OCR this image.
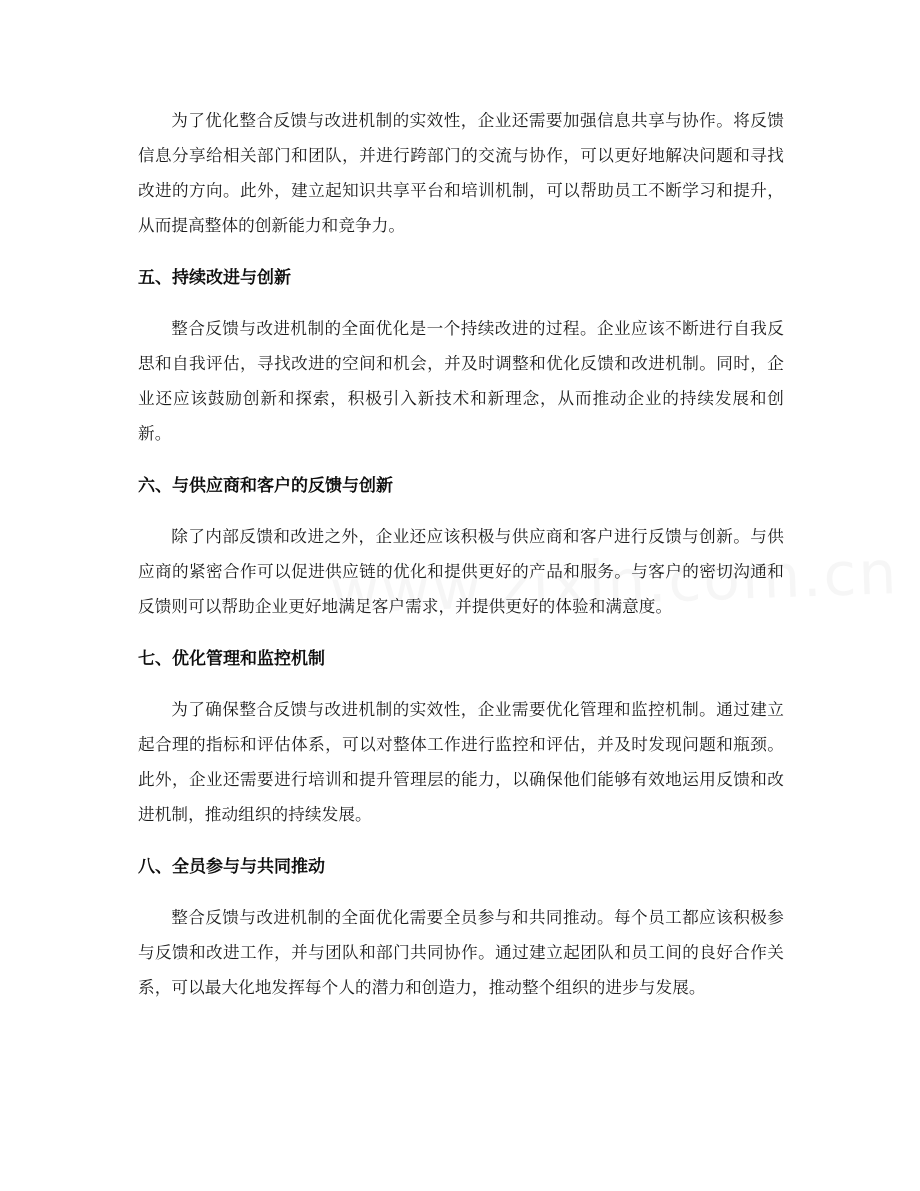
为了优化整合反馈与改进机制的实效性，企业还需要加强信息共享与协作。将反馈信息分享给相关部门和团队，并进行跨部门的交流与协作，可以更好地解决问题和寻找改进的方向。此外，建立起知识共享平台和培训机制，可以帮助员工不断学习和提升，从而提高整体的创新能力和竞争力。

五、持续改进与创新

整合反馈与改进机制的全面优化是一个持续改进的过程。企业应该不断进行自我反思和自我评估，寻找改进的空间和机会，并及时调整和优化反馈和改进机制。同时，企业还应该鼓励创新和探索，积极引入新技术和新理念，从而推动企业的持续发展和创新。

六、与供应商和客户的反馈与创新

除了内部反馈和改进之外，企业还应该积极与供应商和客户进行反馈与创新。与供应商的紧密合作可以促进供应链的优化和提供更好的产品和服务。与客户的密切沟通和反馈则可以帮助企业更好地满足客户需求，并提供更好的体验和满意度。

七、优化管理和监控机制

为了确保整合反馈与改进机制的实效性，企业需要优化管理和监控机制。通过建立起合理的指标和评估体系，可以对整体工作进行监控和评估，并及时发现问题和瓶颈。此外，企业还需要进行培训和提升管理层的能力，以确保他们能够有效地运用反馈和改进机制，推动组织的持续发展。

八、全员参与与共同推动

整合反馈与改进机制的全面优化需要全员参与和共同推动。每个员工都应该积极参与反馈和改进工作，并与团队和部门共同协作。通过建立起团队和员工间的良好合作关系，可以最大化地发挥每个人的潜力和创造力，推动整个组织的进步与发展。
